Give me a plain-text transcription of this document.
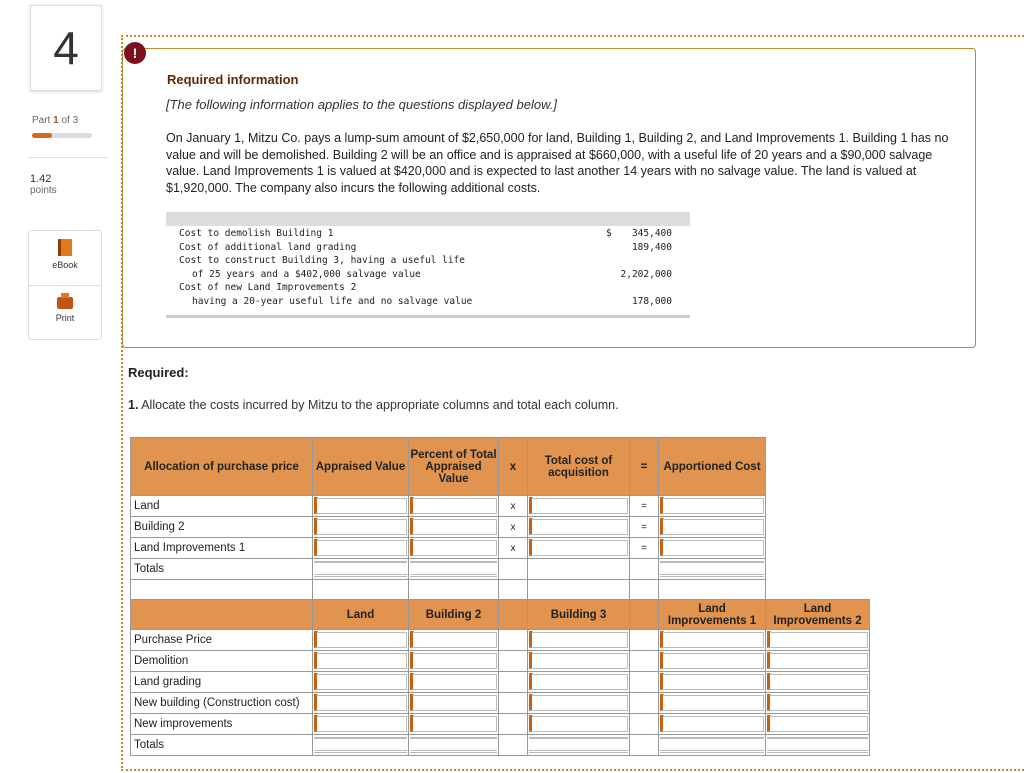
4
Part 1 of 3
1.42
points
eBook
Print
!
Required information
[The following information applies to the questions displayed below.]
On January 1, Mitzu Co. pays a lump-sum amount of $2,650,000 for land, Building 1, Building 2, and Land Improvements 1. Building 1 has no value and will be demolished. Building 2 will be an office and is appraised at $660,000, with a useful life of 20 years and a $90,000 salvage value. Land Improvements 1 is valued at $420,000 and is expected to last another 14 years with no salvage value. The land is valued at $1,920,000. The company also incurs the following additional costs.
Cost to demolish Building 1	$ 345,400
Cost of additional land grading	189,400
Cost to construct Building 3, having a useful life
of 25 years and a $402,000 salvage value	2,202,000
Cost of new Land Improvements 2
having a 20-year useful life and no salvage value	178,000
Required:
1. Allocate the costs incurred by Mitzu to the appropriate columns and total each column.
Allocation of purchase price	Appraised Value	Percent of Total Appraised Value	x	Total cost of acquisition	=	Apportioned Cost
Land			x		=	

Building 2			x		=	

Land Improvements 1			x		=	

Totals	

	Land	Building 2		Building 3		Land Improvements 1	Land Improvements 2
Purchase Price	

Demolition	

Land grading	

New building (Construction cost)	

New improvements	

Totals	
